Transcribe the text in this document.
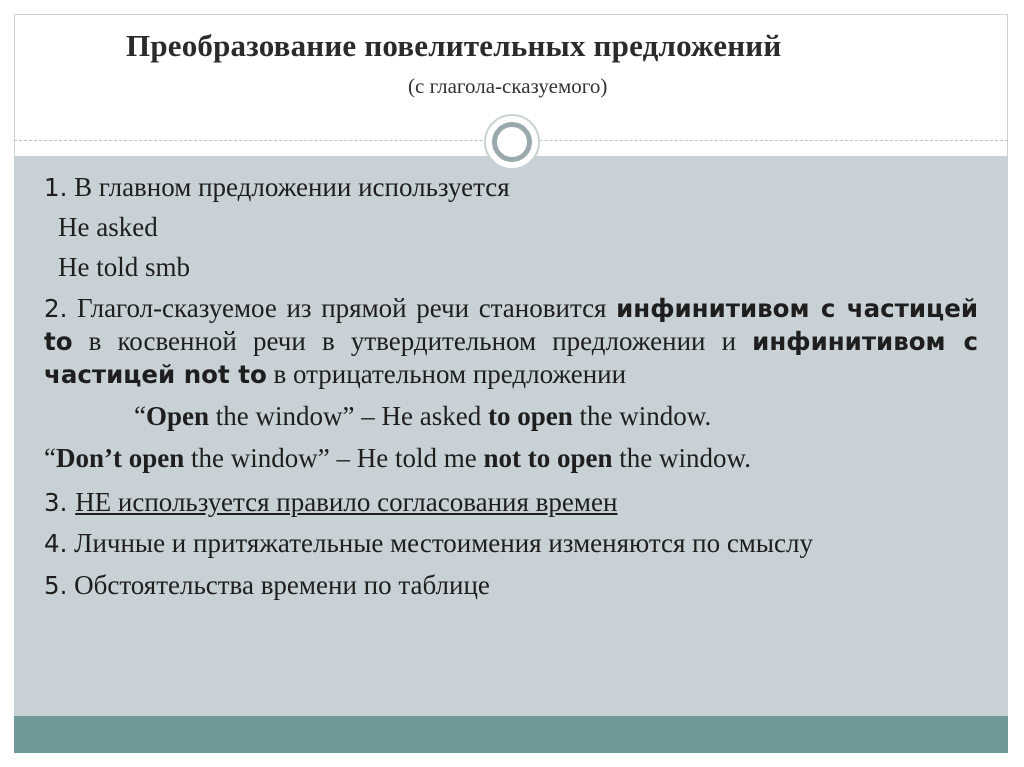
Преобразование повелительных предложений
(с глагола-сказуемого)
1. В главном предложении используется
He asked
He told smb
2. Глагол-сказуемое из прямой речи становится инфинитивом с частицей to в косвенной речи в утвердительном предложении и инфинитивом с частицей not to в отрицательном предложении
“Open the window” – He asked to open the window.
“Don’t open the window” – He told me not to open the window.
3. НЕ используется правило согласования времен
4. Личные и притяжательные местоимения изменяются по смыслу
5. Обстоятельства времени по таблице
